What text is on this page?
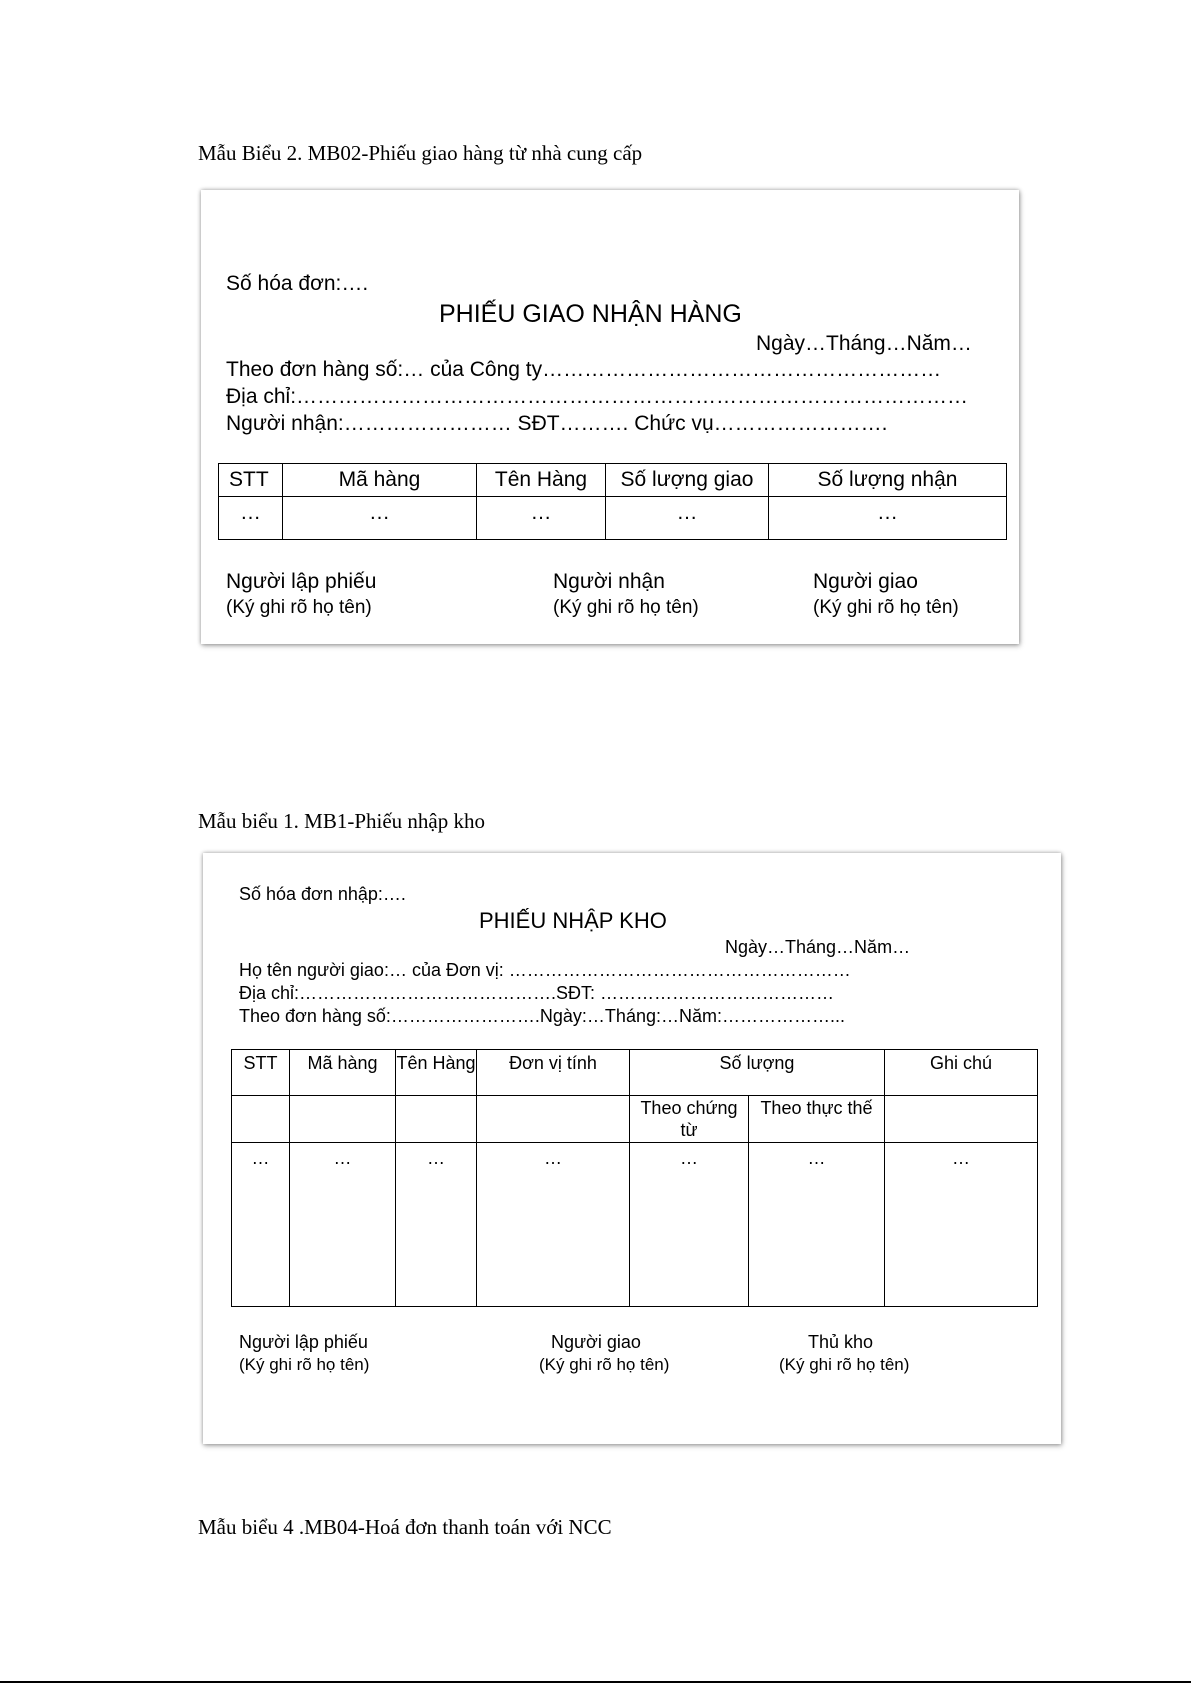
Mẫu Biểu 2. MB02-Phiếu giao hàng từ nhà cung cấp
Số hóa đơn:….
PHIẾU GIAO NHẬN HÀNG
Ngày…Tháng…Năm…
Theo đơn hàng số:… của Công ty…………………………………………………
Địa chỉ:……………………………………………………………………………………
Người nhận:…………………… SĐT………. Chức vụ…………………….
STT	Mã hàng	Tên Hàng	Số lượng giao	Số lượng nhận
…	…	…	…	…
Người lập phiếu
(Ký ghi rõ họ tên)
Người nhận
(Ký ghi rõ họ tên)
Người giao
(Ký ghi rõ họ tên)
Mẫu biểu 1. MB1-Phiếu nhập kho
Số hóa đơn nhập:….
PHIẾU NHẬP KHO
Ngày…Tháng…Năm…
Họ tên người giao:… của Đơn vị: …………………………………………………
Địa chỉ:…………………………………….SĐT: …………………………………
Theo đơn hàng số:…………………….Ngày:…Tháng:…Năm:………………...
STT	Mã hàng	Tên Hàng	Đơn vị tính	Số lượng		Ghi chú
				Theo chứng từ	Theo thực thế	
…	…	…	…	…	…	…
Người lập phiếu
(Ký ghi rõ họ tên)
Người giao
(Ký ghi rõ họ tên)
Thủ kho
(Ký ghi rõ họ tên)
Mẫu biểu 4 .MB04-Hoá đơn thanh toán với NCC
